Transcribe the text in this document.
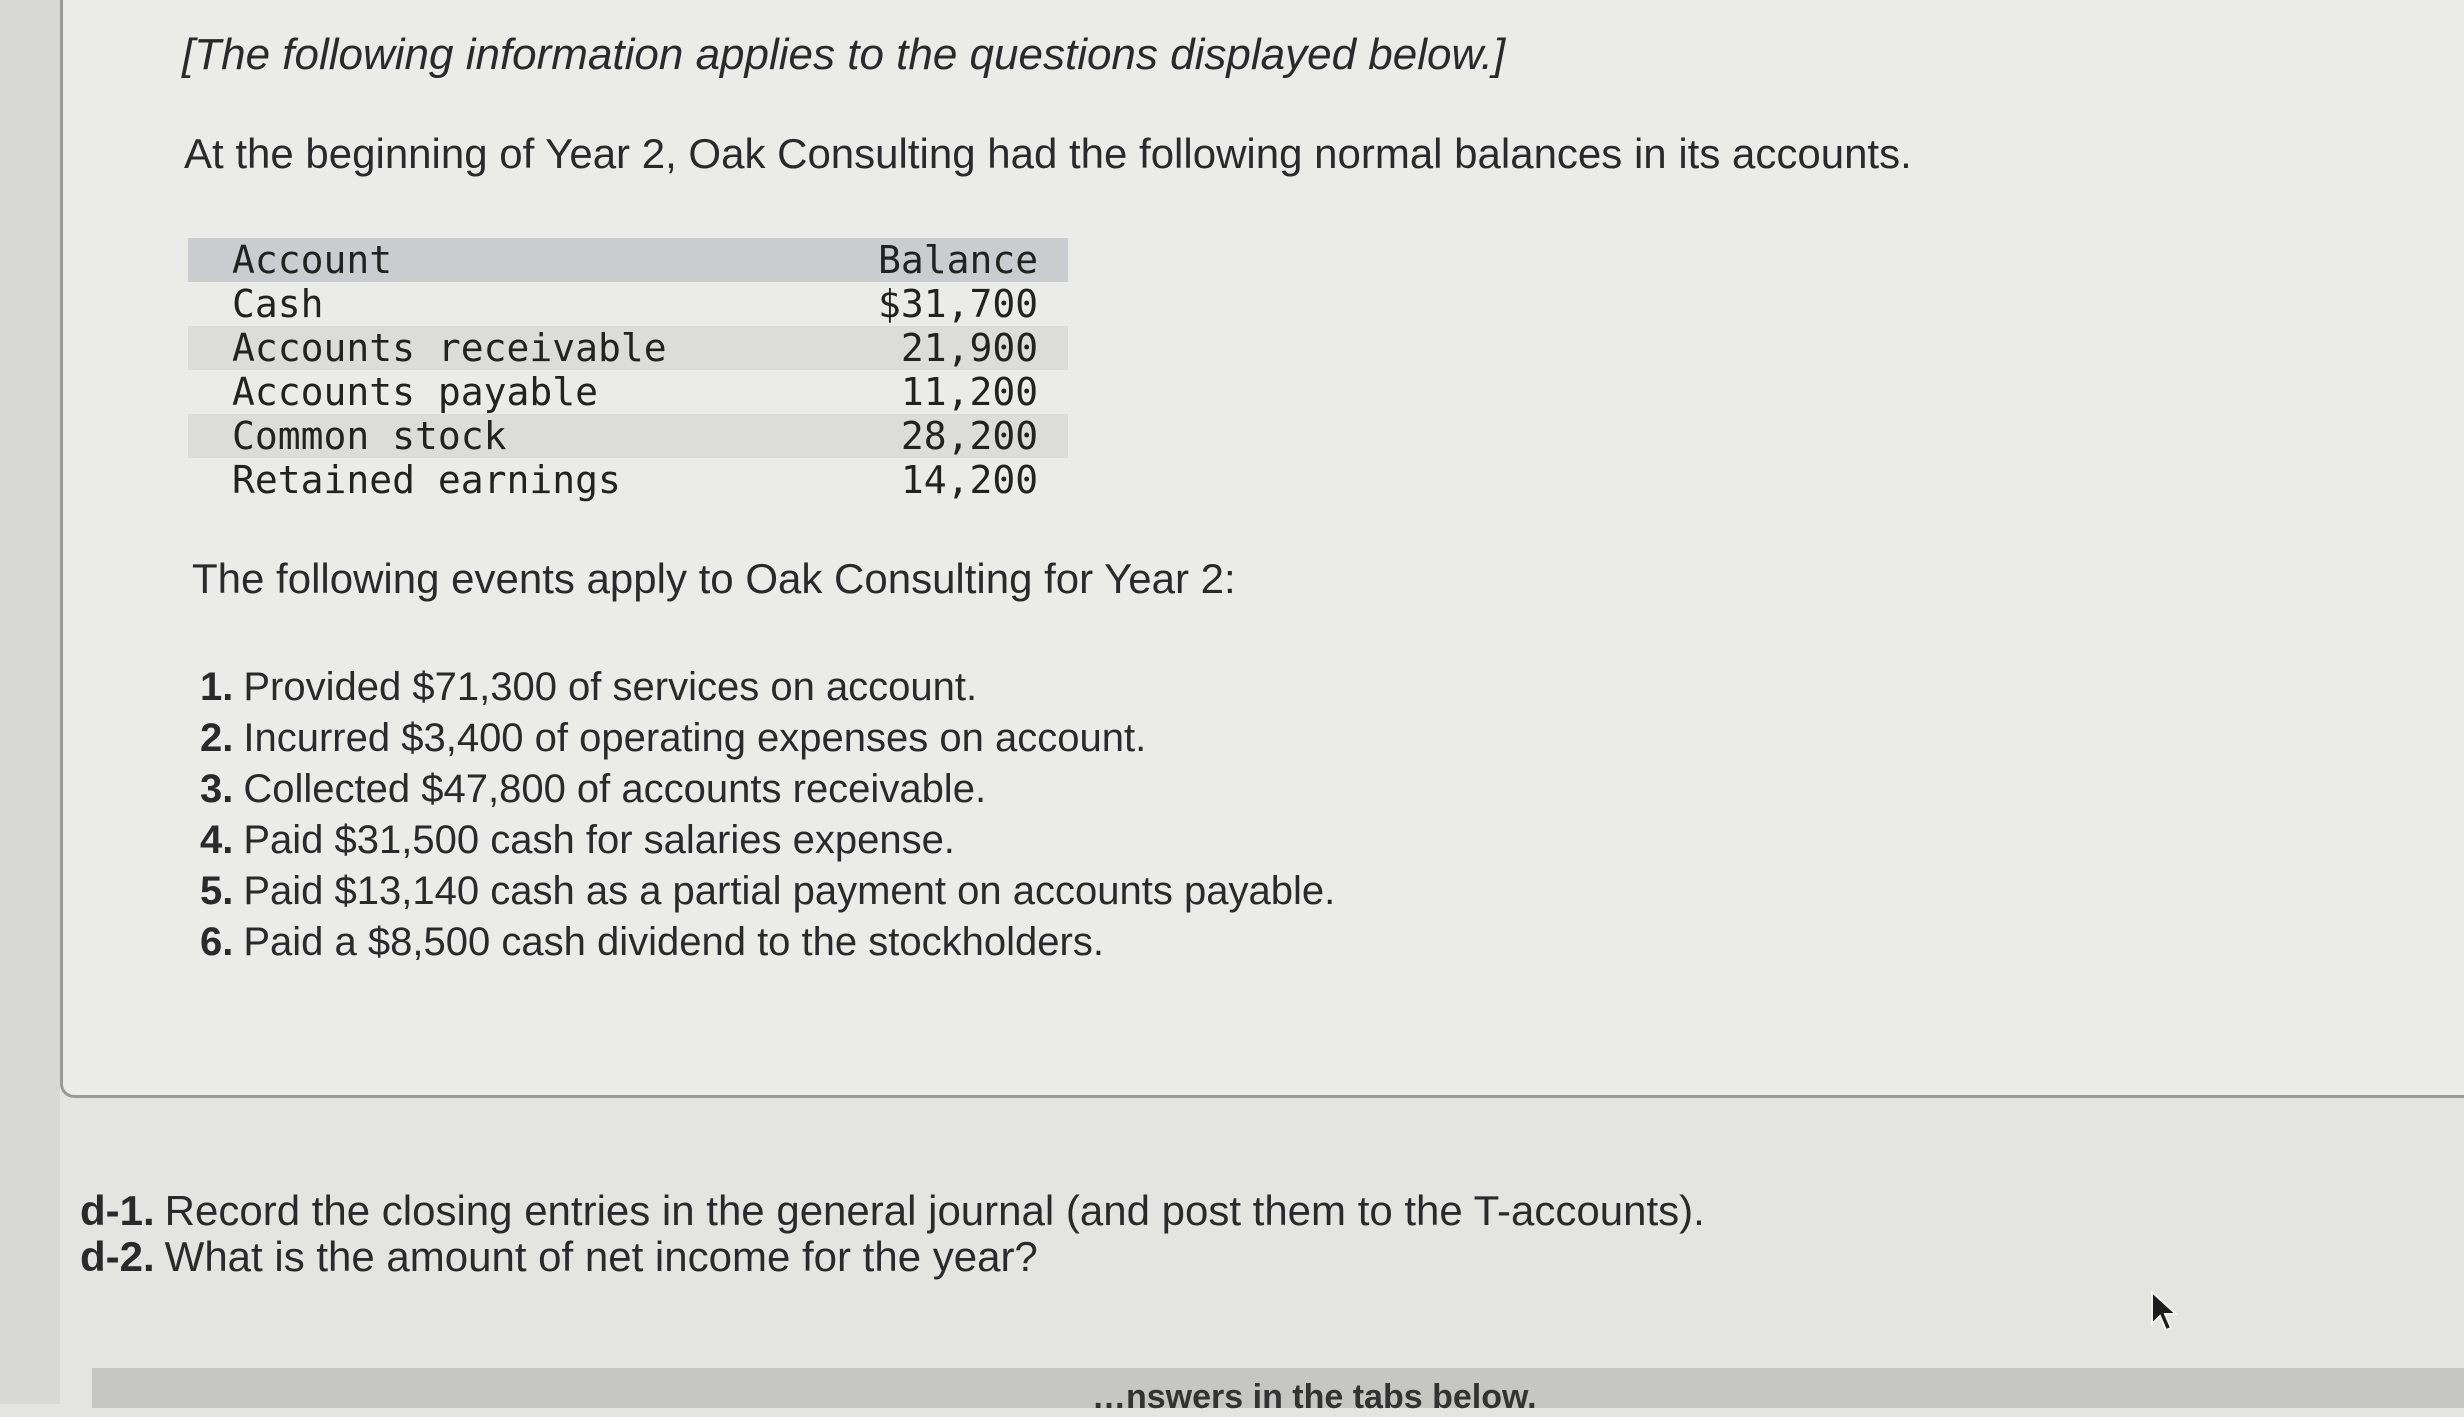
[The following information applies to the questions displayed below.]

At the beginning of Year 2, Oak Consulting had the following normal balances in its accounts.

Account	Balance
Cash	$31,700
Accounts receivable	21,900
Accounts payable	11,200
Common stock	28,200
Retained earnings	14,200

The following events apply to Oak Consulting for Year 2:

1. Provided $71,300 of services on account.
2. Incurred $3,400 of operating expenses on account.
3. Collected $47,800 of accounts receivable.
4. Paid $31,500 cash for salaries expense.
5. Paid $13,140 cash as a partial payment on accounts payable.
6. Paid a $8,500 cash dividend to the stockholders.
d-1. Record the closing entries in the general journal (and post them to the T-accounts).
d-2. What is the amount of net income for the year?
…nswers in the tabs below.
